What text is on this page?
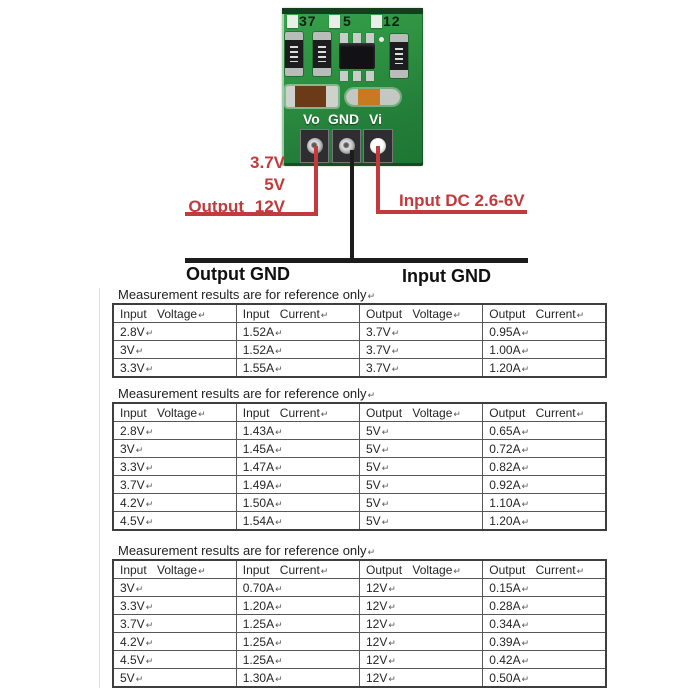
37 5 12
Vo GND Vi
3.7V
5V
Output 12V	Input DC 2.6-6V
Output GND	Input GND
Measurement results are for reference only↵
Input Voltage↵	Input Current↵	Output Voltage↵	Output Current↵
2.8V↵	1.52A↵	3.7V↵	0.95A↵
3V↵	1.52A↵	3.7V↵	1.00A↵
3.3V↵	1.55A↵	3.7V↵	1.20A↵
Measurement results are for reference only↵
Input Voltage↵	Input Current↵	Output Voltage↵	Output Current↵
2.8V↵	1.43A↵	5V↵	0.65A↵
3V↵	1.45A↵	5V↵	0.72A↵
3.3V↵	1.47A↵	5V↵	0.82A↵
3.7V↵	1.49A↵	5V↵	0.92A↵
4.2V↵	1.50A↵	5V↵	1.10A↵
4.5V↵	1.54A↵	5V↵	1.20A↵
Measurement results are for reference only↵
Input Voltage↵	Input Current↵	Output Voltage↵	Output Current↵
3V↵	0.70A↵	12V↵	0.15A↵
3.3V↵	1.20A↵	12V↵	0.28A↵
3.7V↵	1.25A↵	12V↵	0.34A↵
4.2V↵	1.25A↵	12V↵	0.39A↵
4.5V↵	1.25A↵	12V↵	0.42A↵
5V↵	1.30A↵	12V↵	0.50A↵
